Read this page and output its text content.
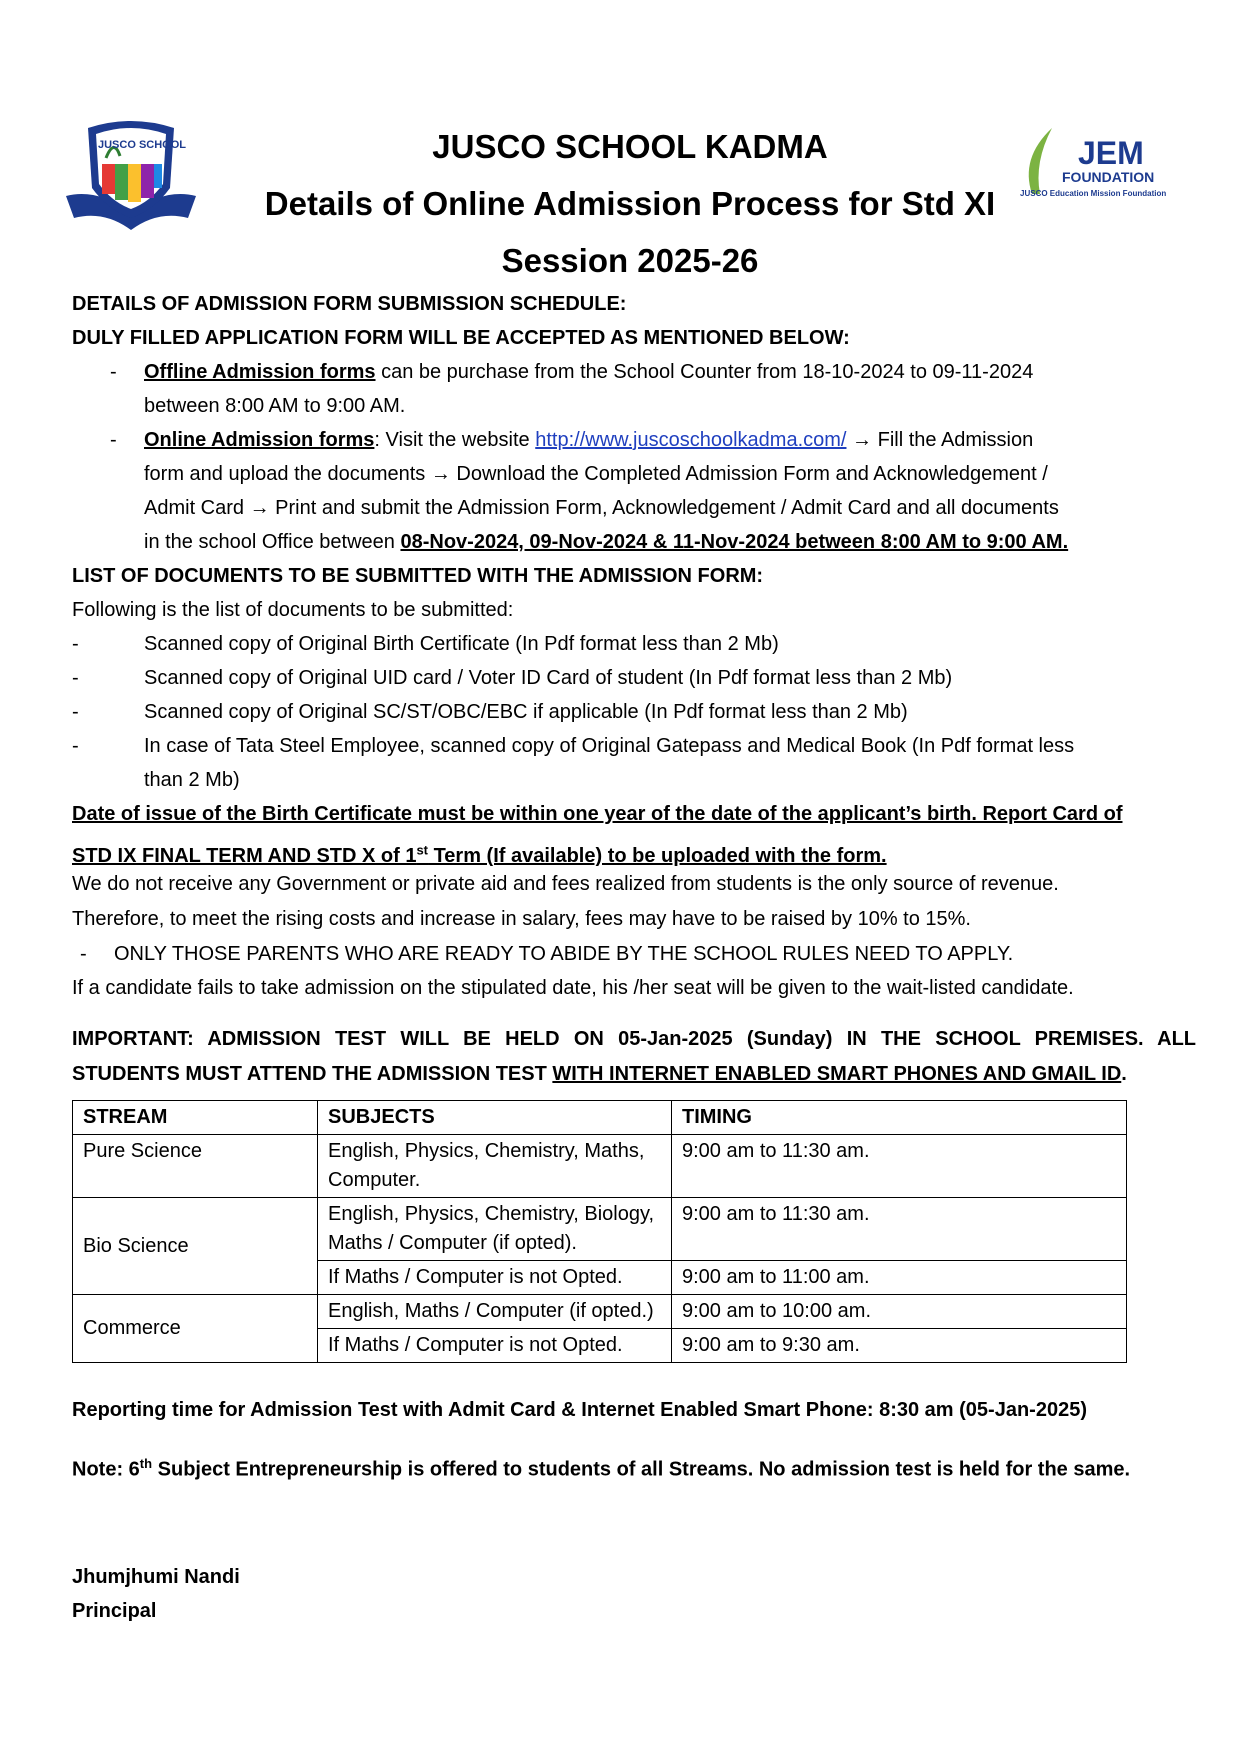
JUSCO SCHOOL	JEM
FOUNDATION
JUSCO Education Mission Foundation
JUSCO SCHOOL KADMA
Details of Online Admission Process for Std XI
Session 2025-26
DETAILS OF ADMISSION FORM SUBMISSION SCHEDULE:
DULY FILLED APPLICATION FORM WILL BE ACCEPTED AS MENTIONED BELOW:
- Offline Admission forms can be purchase from the School Counter from 18-10-2024 to 09-11-2024
between 8:00 AM to 9:00 AM.
- Online Admission forms: Visit the website http://www.juscoschoolkadma.com/ → Fill the Admission
form and upload the documents → Download the Completed Admission Form and Acknowledgement /
Admit Card → Print and submit the Admission Form, Acknowledgement / Admit Card and all documents
in the school Office between 08-Nov-2024, 09-Nov-2024 & 11-Nov-2024 between 8:00 AM to 9:00 AM.
LIST OF DOCUMENTS TO BE SUBMITTED WITH THE ADMISSION FORM:
Following is the list of documents to be submitted:
-	Scanned copy of Original Birth Certificate (In Pdf format less than 2 Mb)
-	Scanned copy of Original UID card / Voter ID Card of student (In Pdf format less than 2 Mb)
-	Scanned copy of Original SC/ST/OBC/EBC if applicable (In Pdf format less than 2 Mb)
-	In case of Tata Steel Employee, scanned copy of Original Gatepass and Medical Book (In Pdf format less
than 2 Mb)
Date of issue of the Birth Certificate must be within one year of the date of the applicant’s birth. Report Card of
STD IX FINAL TERM AND STD X of 1st Term (If available) to be uploaded with the form.
We do not receive any Government or private aid and fees realized from students is the only source of revenue.
Therefore, to meet the rising costs and increase in salary, fees may have to be raised by 10% to 15%.
- ONLY THOSE PARENTS WHO ARE READY TO ABIDE BY THE SCHOOL RULES NEED TO APPLY.
If a candidate fails to take admission on the stipulated date, his /her seat will be given to the wait-listed candidate.
IMPORTANT: ADMISSION TEST WILL BE HELD ON 05-Jan-2025 (Sunday) IN THE SCHOOL PREMISES. ALL
STUDENTS MUST ATTEND THE ADMISSION TEST WITH INTERNET ENABLED SMART PHONES AND GMAIL ID.
STREAM	SUBJECTS	TIMING
Pure Science	English, Physics, Chemistry, Maths, Computer.	9:00 am to 11:30 am.
Bio Science	English, Physics, Chemistry, Biology, Maths / Computer (if opted).	9:00 am to 11:30 am.
	If Maths / Computer is not Opted.	9:00 am to 11:00 am.
Commerce	English, Maths / Computer (if opted.)	9:00 am to 10:00 am.
	If Maths / Computer is not Opted.	9:00 am to 9:30 am.
Reporting time for Admission Test with Admit Card & Internet Enabled Smart Phone: 8:30 am (05-Jan-2025)
Note: 6th Subject Entrepreneurship is offered to students of all Streams. No admission test is held for the same.
Jhumjhumi Nandi
Principal
